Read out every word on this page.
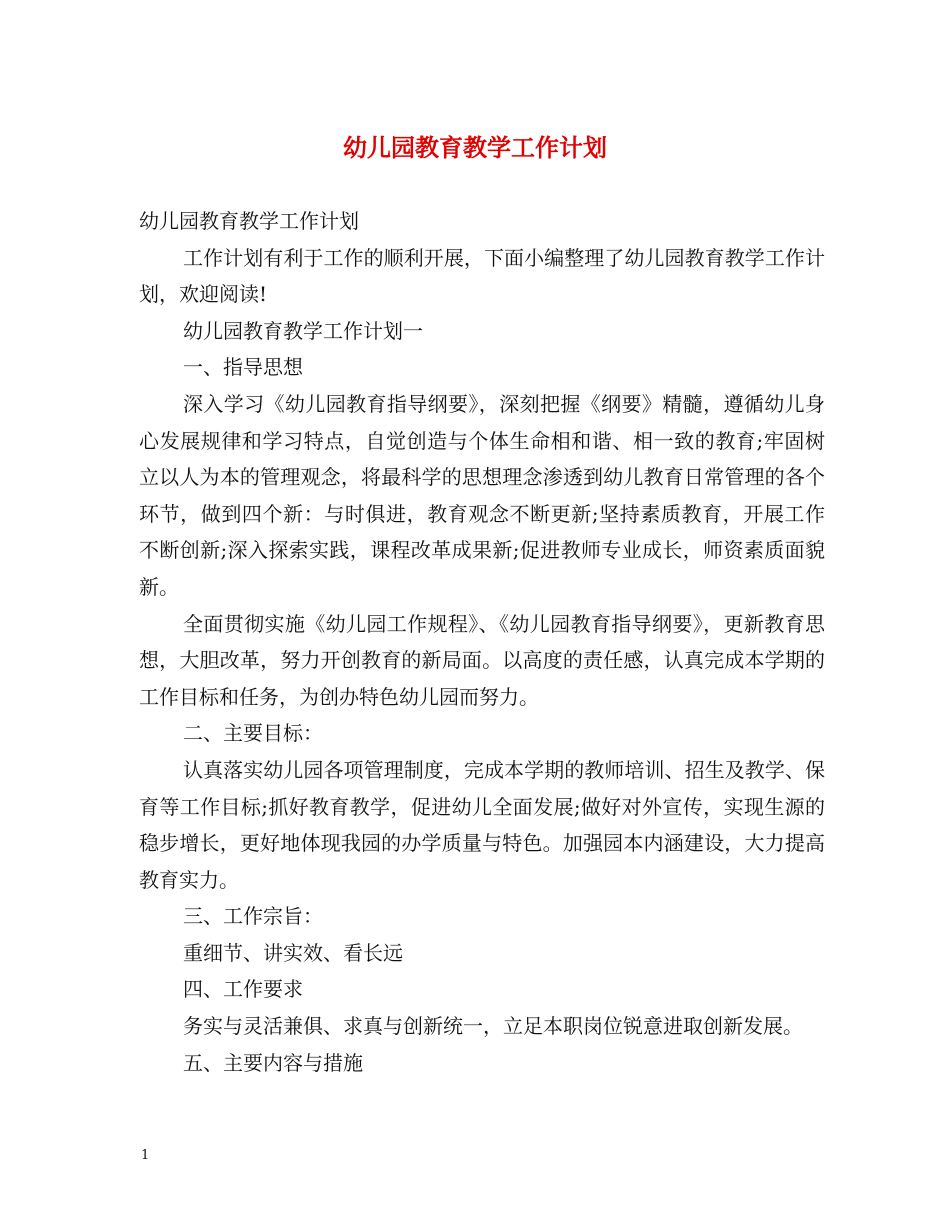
幼儿园教育教学工作计划

幼儿园教育教学工作计划

工作计划有利于工作的顺利开展，下面小编整理了幼儿园教育教学工作计划，欢迎阅读!

幼儿园教育教学工作计划一

一、指导思想

深入学习《幼儿园教育指导纲要》，深刻把握《纲要》精髓，遵循幼儿身心发展规律和学习特点，自觉创造与个体生命相和谐、相一致的教育;牢固树立以人为本的管理观念，将最科学的思想理念渗透到幼儿教育日常管理的各个环节，做到四个新：与时俱进，教育观念不断更新;坚持素质教育，开展工作不断创新;深入探索实践，课程改革成果新;促进教师专业成长，师资素质面貌新。

全面贯彻实施《幼儿园工作规程》、《幼儿园教育指导纲要》，更新教育思想，大胆改革，努力开创教育的新局面。以高度的责任感，认真完成本学期的工作目标和任务，为创办特色幼儿园而努力。

二、主要目标：

认真落实幼儿园各项管理制度，完成本学期的教师培训、招生及教学、保育等工作目标;抓好教育教学，促进幼儿全面发展;做好对外宣传，实现生源的稳步增长，更好地体现我园的办学质量与特色。加强园本内涵建设，大力提高教育实力。

三、工作宗旨：

重细节、讲实效、看长远

四、工作要求

务实与灵活兼俱、求真与创新统一，立足本职岗位锐意进取创新发展。

五、主要内容与措施

1
